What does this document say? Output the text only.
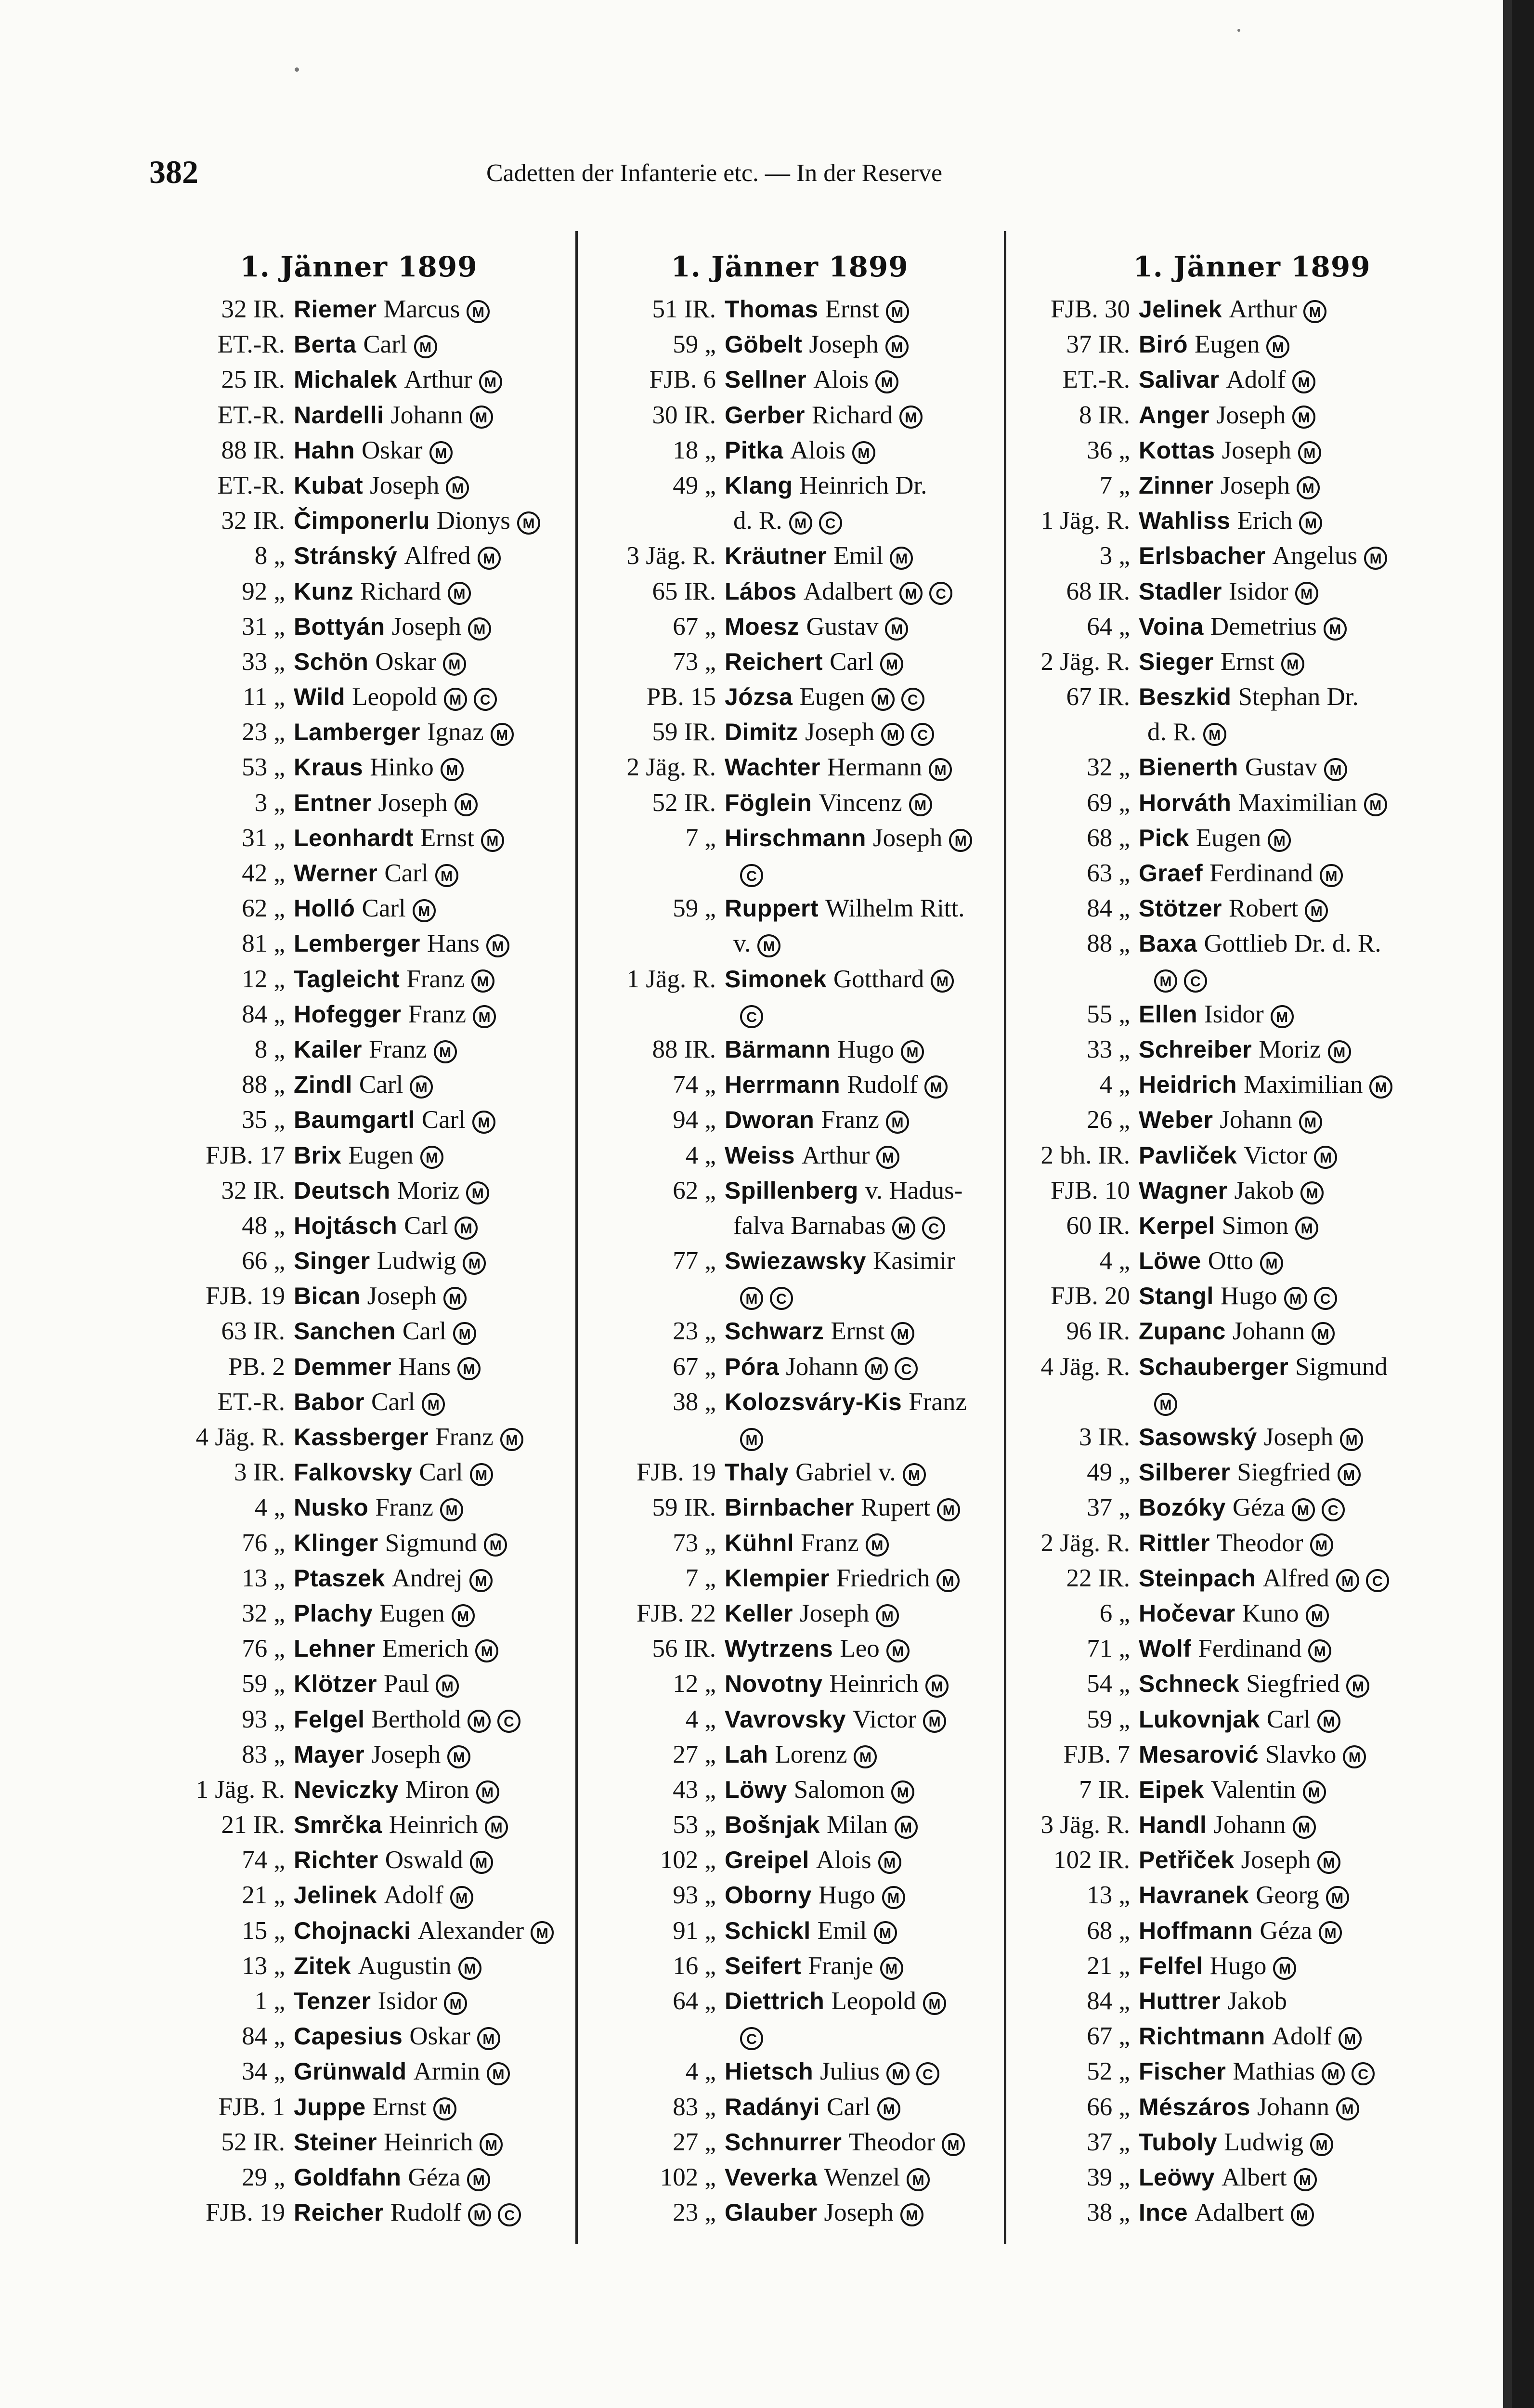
382	Cadetten der Infanterie etc. — In der Reserve
1. Jänner 1899
32 IR. Riemer Marcus M
ET.-R. Berta Carl M
25 IR. Michalek Arthur M
ET.-R. Nardelli Johann M
88 IR. Hahn Oskar M
ET.-R. Kubat Joseph M
32 IR. Čimponerlu Dionys M
8 „ Stránský Alfred M
92 „ Kunz Richard M
31 „ Bottyán Joseph M
33 „ Schön Oskar M
11 „ Wild Leopold M C
23 „ Lamberger Ignaz M
53 „ Kraus Hinko M
3 „ Entner Joseph M
31 „ Leonhardt Ernst M
42 „ Werner Carl M
62 „ Holló Carl M
81 „ Lemberger Hans M
12 „ Tagleicht Franz M
84 „ Hofegger Franz M
8 „ Kailer Franz M
88 „ Zindl Carl M
35 „ Baumgartl Carl M
FJB. 17 Brix Eugen M
32 IR. Deutsch Moriz M
48 „ Hojtásch Carl M
66 „ Singer Ludwig M
FJB. 19 Bican Joseph M
63 IR. Sanchen Carl M
PB. 2 Demmer Hans M
ET.-R. Babor Carl M
4 Jäg. R. Kassberger Franz M
3 IR. Falkovsky Carl M
4 „ Nusko Franz M
76 „ Klinger Sigmund M
13 „ Ptaszek Andrej M
32 „ Plachy Eugen M
76 „ Lehner Emerich M
59 „ Klötzer Paul M
93 „ Felgel Berthold M C
83 „ Mayer Joseph M
1 Jäg. R. Neviczky Miron M
21 IR. Smrčka Heinrich M
74 „ Richter Oswald M
21 „ Jelinek Adolf M
15 „ Chojnacki Alexander M
13 „ Zitek Augustin M
1 „ Tenzer Isidor M
84 „ Capesius Oskar M
34 „ Grünwald Armin M
FJB. 1 Juppe Ernst M
52 IR. Steiner Heinrich M
29 „ Goldfahn Géza M
FJB. 19 Reicher Rudolf M C
1. Jänner 1899
51 IR. Thomas Ernst M
59 „ Göbelt Joseph M
FJB. 6 Sellner Alois M
30 IR. Gerber Richard M
18 „ Pitka Alois M
49 „ Klang Heinrich Dr.
d. R. M C
3 Jäg. R. Kräutner Emil M
65 IR. Lábos Adalbert M C
67 „ Moesz Gustav M
73 „ Reichert Carl M
PB. 15 Józsa Eugen M C
59 IR. Dimitz Joseph M C
2 Jäg. R. Wachter Hermann M
52 IR. Föglein Vincenz M
7 „ Hirschmann Joseph M
C
59 „ Ruppert Wilhelm Ritt.
v. M
1 Jäg. R. Simonek Gotthard M
C
88 IR. Bärmann Hugo M
74 „ Herrmann Rudolf M
94 „ Dworan Franz M
4 „ Weiss Arthur M
62 „ Spillenberg v. Hadus-
falva Barnabas M C
77 „ Swiezawsky Kasimir
M C
23 „ Schwarz Ernst M
67 „ Póra Johann M C
38 „ Kolozsváry-Kis Franz
M
FJB. 19 Thaly Gabriel v. M
59 IR. Birnbacher Rupert M
73 „ Kühnl Franz M
7 „ Klempier Friedrich M
FJB. 22 Keller Joseph M
56 IR. Wytrzens Leo M
12 „ Novotny Heinrich M
4 „ Vavrovsky Victor M
27 „ Lah Lorenz M
43 „ Löwy Salomon M
53 „ Bošnjak Milan M
102 „ Greipel Alois M
93 „ Oborny Hugo M
91 „ Schickl Emil M
16 „ Seifert Franje M
64 „ Diettrich Leopold M
C
4 „ Hietsch Julius M C
83 „ Radányi Carl M
27 „ Schnurrer Theodor M
102 „ Veverka Wenzel M
23 „ Glauber Joseph M
1. Jänner 1899
FJB. 30 Jelinek Arthur M
37 IR. Biró Eugen M
ET.-R. Salivar Adolf M
8 IR. Anger Joseph M
36 „ Kottas Joseph M
7 „ Zinner Joseph M
1 Jäg. R. Wahliss Erich M
3 „ Erlsbacher Angelus M
68 IR. Stadler Isidor M
64 „ Voina Demetrius M
2 Jäg. R. Sieger Ernst M
67 IR. Beszkid Stephan Dr.
d. R. M
32 „ Bienerth Gustav M
69 „ Horváth Maximilian M
68 „ Pick Eugen M
63 „ Graef Ferdinand M
84 „ Stötzer Robert M
88 „ Baxa Gottlieb Dr. d. R.
M C
55 „ Ellen Isidor M
33 „ Schreiber Moriz M
4 „ Heidrich Maximilian M
26 „ Weber Johann M
2 bh. IR. Pavliček Victor M
FJB. 10 Wagner Jakob M
60 IR. Kerpel Simon M
4 „ Löwe Otto M
FJB. 20 Stangl Hugo M C
96 IR. Zupanc Johann M
4 Jäg. R. Schauberger Sigmund
M
3 IR. Sasowský Joseph M
49 „ Silberer Siegfried M
37 „ Bozóky Géza M C
2 Jäg. R. Rittler Theodor M
22 IR. Steinpach Alfred M C
6 „ Hočevar Kuno M
71 „ Wolf Ferdinand M
54 „ Schneck Siegfried M
59 „ Lukovnjak Carl M
FJB. 7 Mesarović Slavko M
7 IR. Eipek Valentin M
3 Jäg. R. Handl Johann M
102 IR. Petřiček Joseph M
13 „ Havranek Georg M
68 „ Hoffmann Géza M
21 „ Felfel Hugo M
84 „ Huttrer Jakob
67 „ Richtmann Adolf M
52 „ Fischer Mathias M C
66 „ Mészáros Johann M
37 „ Tuboly Ludwig M
39 „ Leöwy Albert M
38 „ Ince Adalbert M
